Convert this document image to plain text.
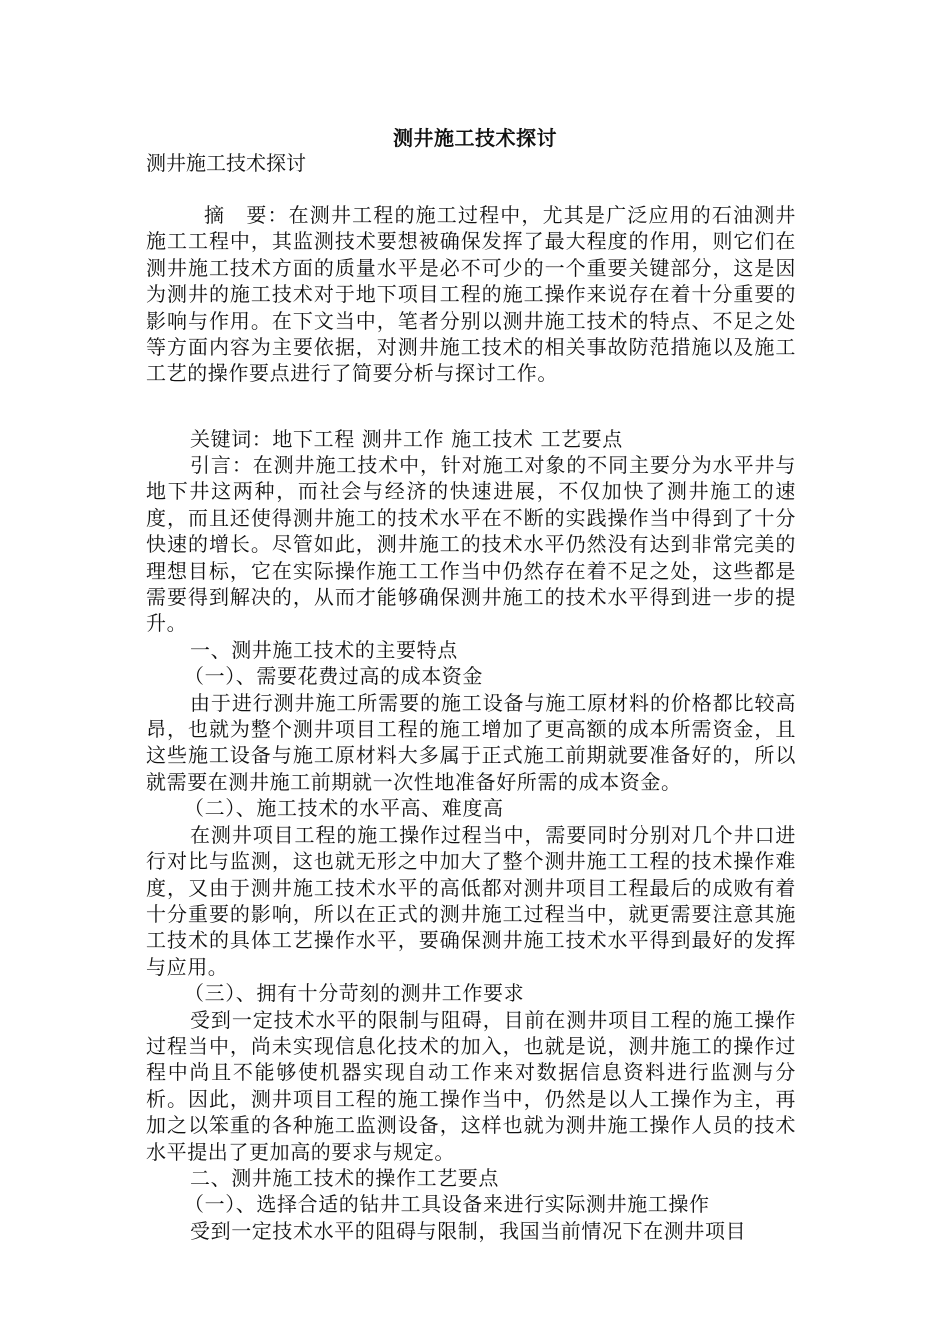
测井施工技术探讨
测井施工技术探讨

摘　要：在测井工程的施工过程中，尤其是广泛应用的石油测井施工工程中，其监测技术要想被确保发挥了最大程度的作用，则它们在测井施工技术方面的质量水平是必不可少的一个重要关键部分，这是因为测井的施工技术对于地下项目工程的施工操作来说存在着十分重要的影响与作用。在下文当中，笔者分别以测井施工技术的特点、不足之处等方面内容为主要依据，对测井施工技术的相关事故防范措施以及施工工艺的操作要点进行了简要分析与探讨工作。

关键词：地下工程 测井工作 施工技术 工艺要点

引言：在测井施工技术中，针对施工对象的不同主要分为水平井与地下井这两种，而社会与经济的快速进展，不仅加快了测井施工的速度，而且还使得测井施工的技术水平在不断的实践操作当中得到了十分快速的增长。尽管如此，测井施工的技术水平仍然没有达到非常完美的理想目标，它在实际操作施工工作当中仍然存在着不足之处，这些都是需要得到解决的，从而才能够确保测井施工的技术水平得到进一步的提升。

一、测井施工技术的主要特点

（一）、需要花费过高的成本资金

由于进行测井施工所需要的施工设备与施工原材料的价格都比较高昂，也就为整个测井项目工程的施工增加了更高额的成本所需资金，且这些施工设备与施工原材料大多属于正式施工前期就要准备好的，所以就需要在测井施工前期就一次性地准备好所需的成本资金。

（二）、施工技术的水平高、难度高

在测井项目工程的施工操作过程当中，需要同时分别对几个井口进行对比与监测，这也就无形之中加大了整个测井施工工程的技术操作难度，又由于测井施工技术水平的高低都对测井项目工程最后的成败有着十分重要的影响，所以在正式的测井施工过程当中，就更需要注意其施工技术的具体工艺操作水平，要确保测井施工技术水平得到最好的发挥与应用。

（三）、拥有十分苛刻的测井工作要求

受到一定技术水平的限制与阻碍，目前在测井项目工程的施工操作过程当中，尚未实现信息化技术的加入，也就是说，测井施工的操作过程中尚且不能够使机器实现自动工作来对数据信息资料进行监测与分析。因此，测井项目工程的施工操作当中，仍然是以人工操作为主，再加之以笨重的各种施工监测设备，这样也就为测井施工操作人员的技术水平提出了更加高的要求与规定。

二、测井施工技术的操作工艺要点

（一）、选择合适的钻井工具设备来进行实际测井施工操作

受到一定技术水平的阻碍与限制，我国当前情况下在测井项目
